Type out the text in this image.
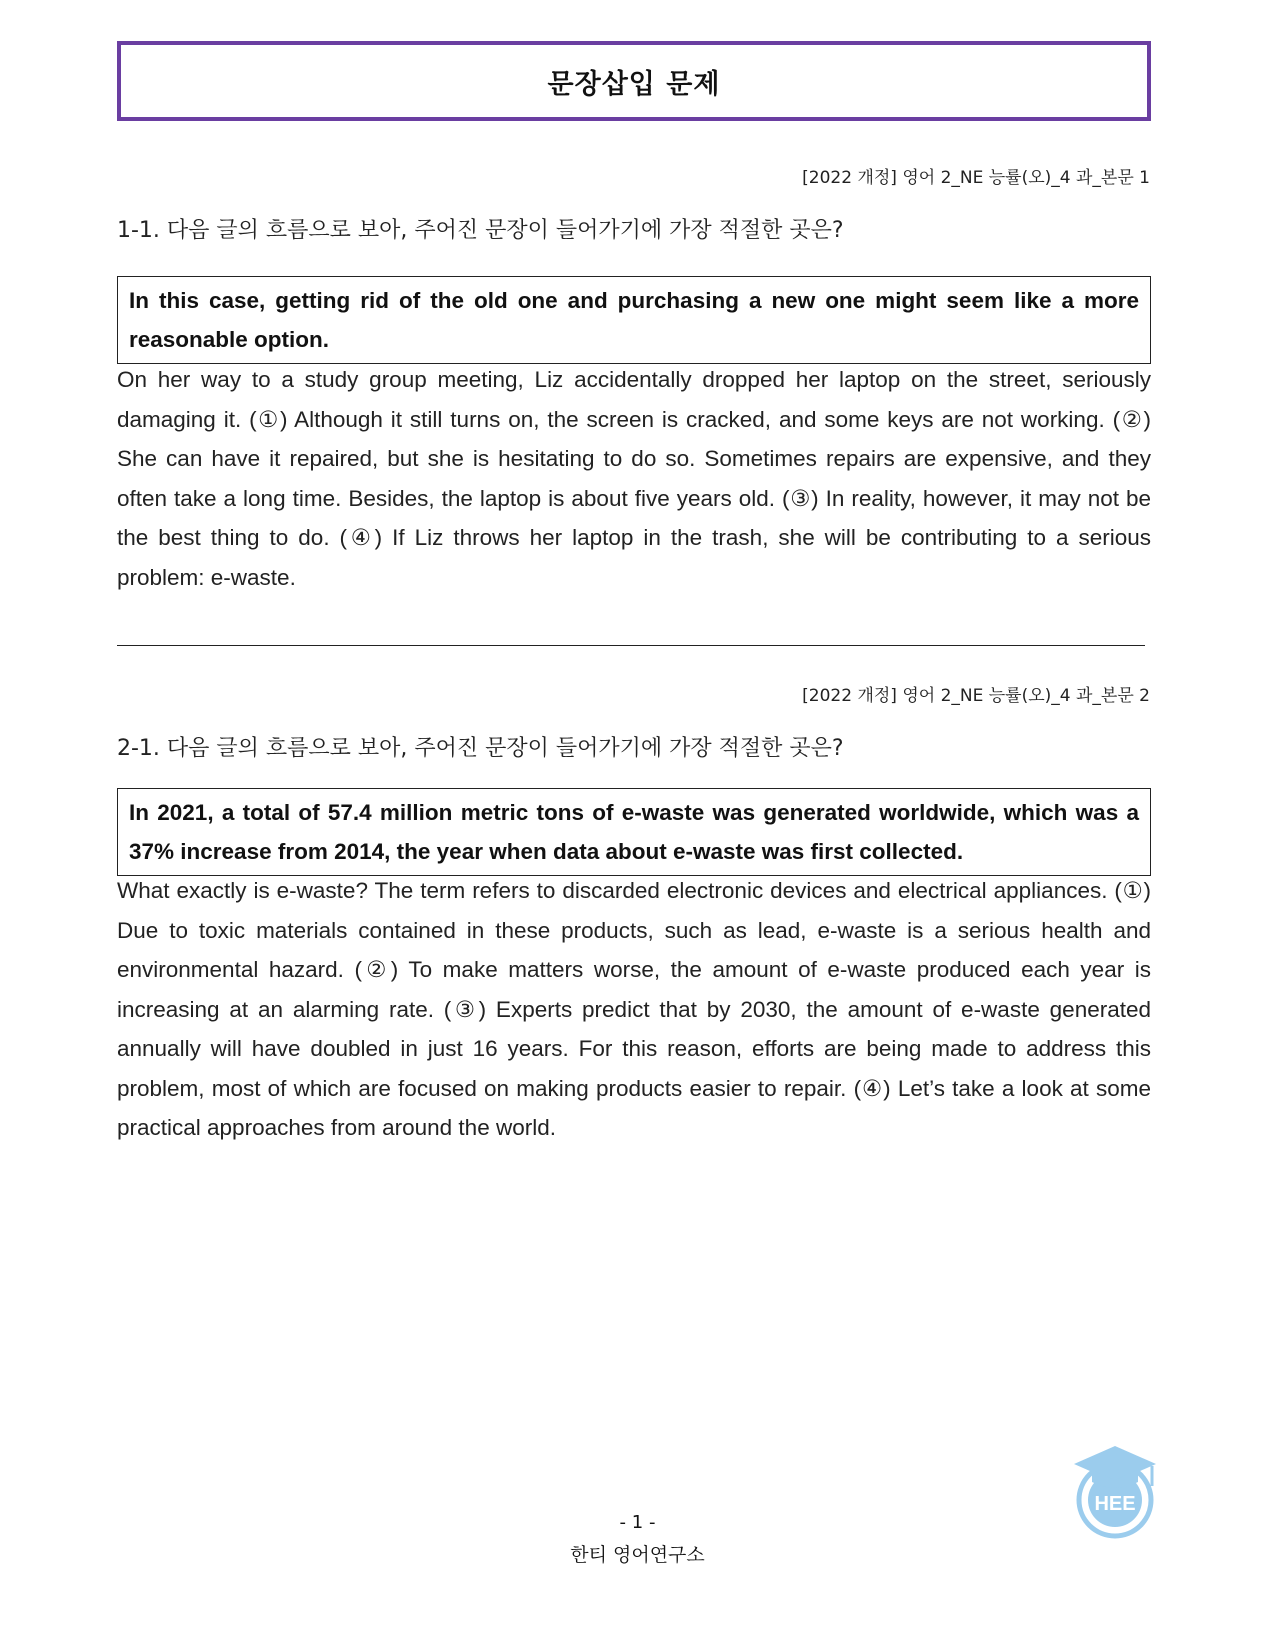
문장삽입 문제
[2022 개정] 영어 2_NE 능률(오)_4 과_본문 1
1-1. 다음 글의 흐름으로 보아, 주어진 문장이 들어가기에 가장 적절한 곳은?
In this case, getting rid of the old one and purchasing a new one might seem like a more reasonable option.
On her way to a study group meeting, Liz accidentally dropped her laptop on the street, seriously damaging it. (①) Although it still turns on, the screen is cracked, and some keys are not working. (②) She can have it repaired, but she is hesitating to do so. Sometimes repairs are expensive, and they often take a long time. Besides, the laptop is about five years old. (③) In reality, however, it may not be the best thing to do. (④) If Liz throws her laptop in the trash, she will be contributing to a serious problem: e-waste.
[2022 개정] 영어 2_NE 능률(오)_4 과_본문 2
2-1. 다음 글의 흐름으로 보아, 주어진 문장이 들어가기에 가장 적절한 곳은?
In 2021, a total of 57.4 million metric tons of e-waste was generated worldwide, which was a 37% increase from 2014, the year when data about e-waste was first collected.
What exactly is e-waste? The term refers to discarded electronic devices and electrical appliances. (①) Due to toxic materials contained in these products, such as lead, e-waste is a serious health and environmental hazard. (②) To make matters worse, the amount of e-waste produced each year is increasing at an alarming rate. (③) Experts predict that by 2030, the amount of e-waste generated annually will have doubled in just 16 years. For this reason, efforts are being made to address this problem, most of which are focused on making products easier to repair. (④) Let’s take a look at some practical approaches from around the world.
- 1 -
한티 영어연구소
HEE
